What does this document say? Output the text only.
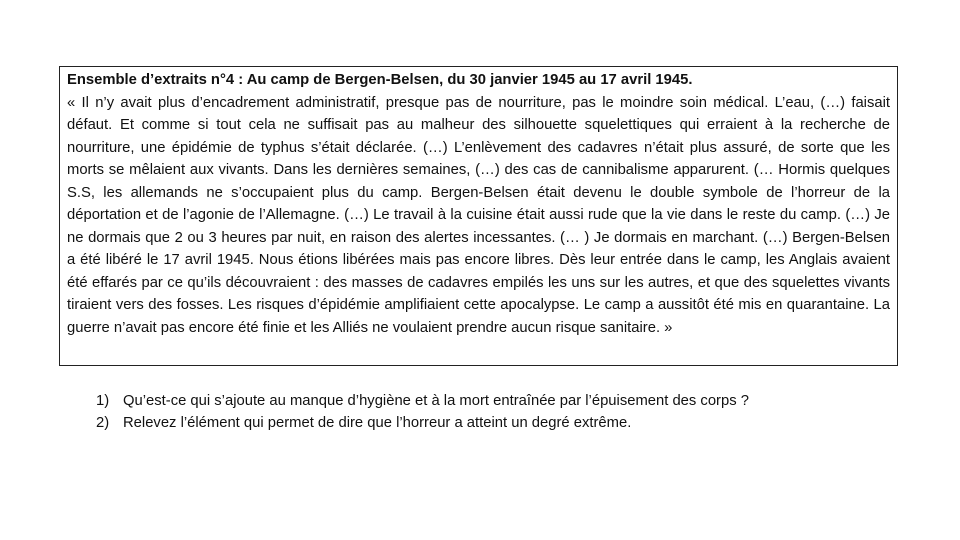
Ensemble d’extraits n°4 : Au camp de Bergen-Belsen, du 30 janvier 1945 au 17 avril 1945.

« Il n’y avait plus d’encadrement administratif, presque pas de nourriture, pas le moindre soin médical. L’eau, (…) faisait défaut. Et comme si tout cela ne suffisait pas au malheur des silhouette squelettiques qui erraient à la recherche de nourriture, une épidémie de typhus s’était déclarée. (…) L’enlèvement des cadavres n’était plus assuré, de sorte que les morts se mêlaient aux vivants. Dans les dernières semaines, (…) des cas de cannibalisme apparurent. (… Hormis quelques S.S, les allemands ne s’occupaient plus du camp. Bergen-Belsen était devenu le double symbole de l’horreur de la déportation et de l’agonie de l’Allemagne. (…) Le travail à la cuisine était aussi rude que la vie dans le reste du camp. (…) Je ne dormais que 2 ou 3 heures par nuit, en raison des alertes incessantes. (… ) Je dormais en marchant. (…) Bergen-Belsen a été libéré le 17 avril 1945. Nous étions libérées mais pas encore libres. Dès leur entrée dans le camp, les Anglais avaient été effarés par ce qu’ils découvraient : des masses de cadavres empilés les uns sur les autres, et que des squelettes vivants tiraient vers des fosses. Les risques d’épidémie amplifiaient cette apocalypse. Le camp a aussitôt été mis en quarantaine. La guerre n’avait pas encore été finie et les Alliés ne voulaient prendre aucun risque sanitaire. »

1) Qu’est-ce qui s’ajoute au manque d’hygiène et à la mort entraînée par l’épuisement des corps ?
2) Relevez l’élément qui permet de dire que l’horreur a atteint un degré extrême.
